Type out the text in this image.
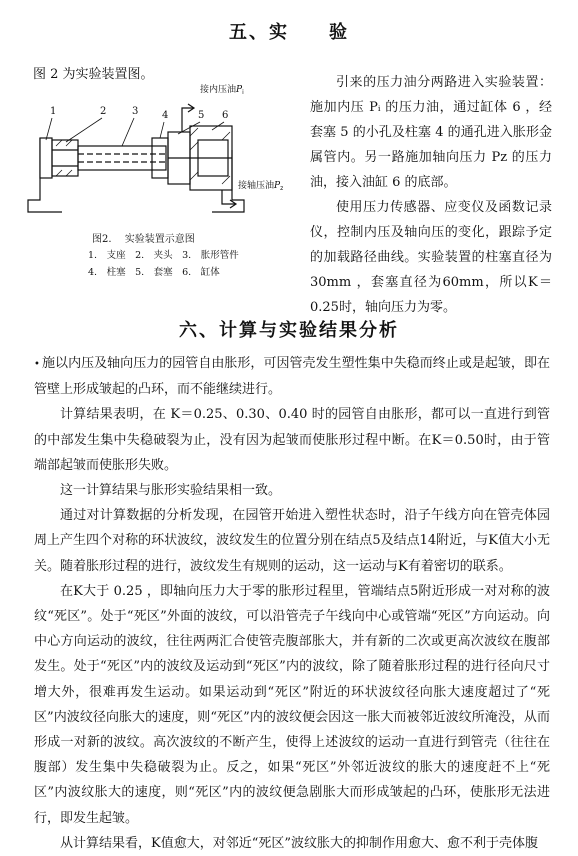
五、实　　验
图 2 为实验装置图。
1	2	3 4	5 6
接内压油$P_i$
接轴压油$P_z$
图2.　 实验装置示意图
1.　支座　2.　夹头　3.　胀形管件
4.　柱塞　5.　套塞　6.　缸体

引来的压力油分两路进入实验装置：施加内压 Pᵢ 的压力油，通过缸体 6 ，经套塞 5 的小孔及柱塞 4 的通孔进入胀形金属管内。另一路施加轴向压力 Pz 的压力油，接入油缸 6 的底部。

使用压力传感器、应变仪及函数记录仪，控制内压及轴向压的变化，跟踪予定的加载路径曲线。实验装置的柱塞直径为 30mm ，套塞直径为60mm，所以K＝0.25时，轴向压力为零。

六、计算与实验结果分析

• 施以内压及轴向压力的园管自由胀形，可因管壳发生塑性集中失稳而终止或是起皱，即在管壁上形成皱起的凸环，而不能继续进行。

计算结果表明，在 K＝0.25、0.30、0.40 时的园管自由胀形，都可以一直进行到管的中部发生集中失稳破裂为止，没有因为起皱而使胀形过程中断。在K＝0.50时，由于管端部起皱而使胀形失败。

这一计算结果与胀形实验结果相一致。

通过对计算数据的分析发现，在园管开始进入塑性状态时，沿子午线方向在管壳体园周上产生四个对称的环状波纹，波纹发生的位置分别在结点5及结点14附近，与K值大小无关。随着胀形过程的进行，波纹发生有规则的运动，这一运动与K有着密切的联系。

在K大于 0.25 ，即轴向压力大于零的胀形过程里，管端结点5附近形成一对对称的波纹“死区”。处于“死区”外面的波纹，可以沿管壳子午线向中心或管端“死区”方向运动。向中心方向运动的波纹，往往两两汇合使管壳腹部胀大，并有新的二次或更高次波纹在腹部发生。处于“死区”内的波纹及运动到“死区”内的波纹，除了随着胀形过程的进行径向尺寸增大外，很难再发生运动。如果运动到“死区”附近的环状波纹径向胀大速度超过了“死区”内波纹径向胀大的速度，则“死区”内的波纹便会因这一胀大而被邻近波纹所淹没，从而形成一对新的波纹。高次波纹的不断产生，使得上述波纹的运动一直进行到管壳（往往在腹部）发生集中失稳破裂为止。反之，如果“死区”外邻近波纹的胀大的速度赶不上“死区”内波纹胀大的速度，则“死区”内的波纹便急剧胀大而形成皱起的凸环，使胀形无法进行，即发生起皱。

从计算结果看，K值愈大，对邻近“死区”波纹胀大的抑制作用愈大、愈不利于壳体腹
